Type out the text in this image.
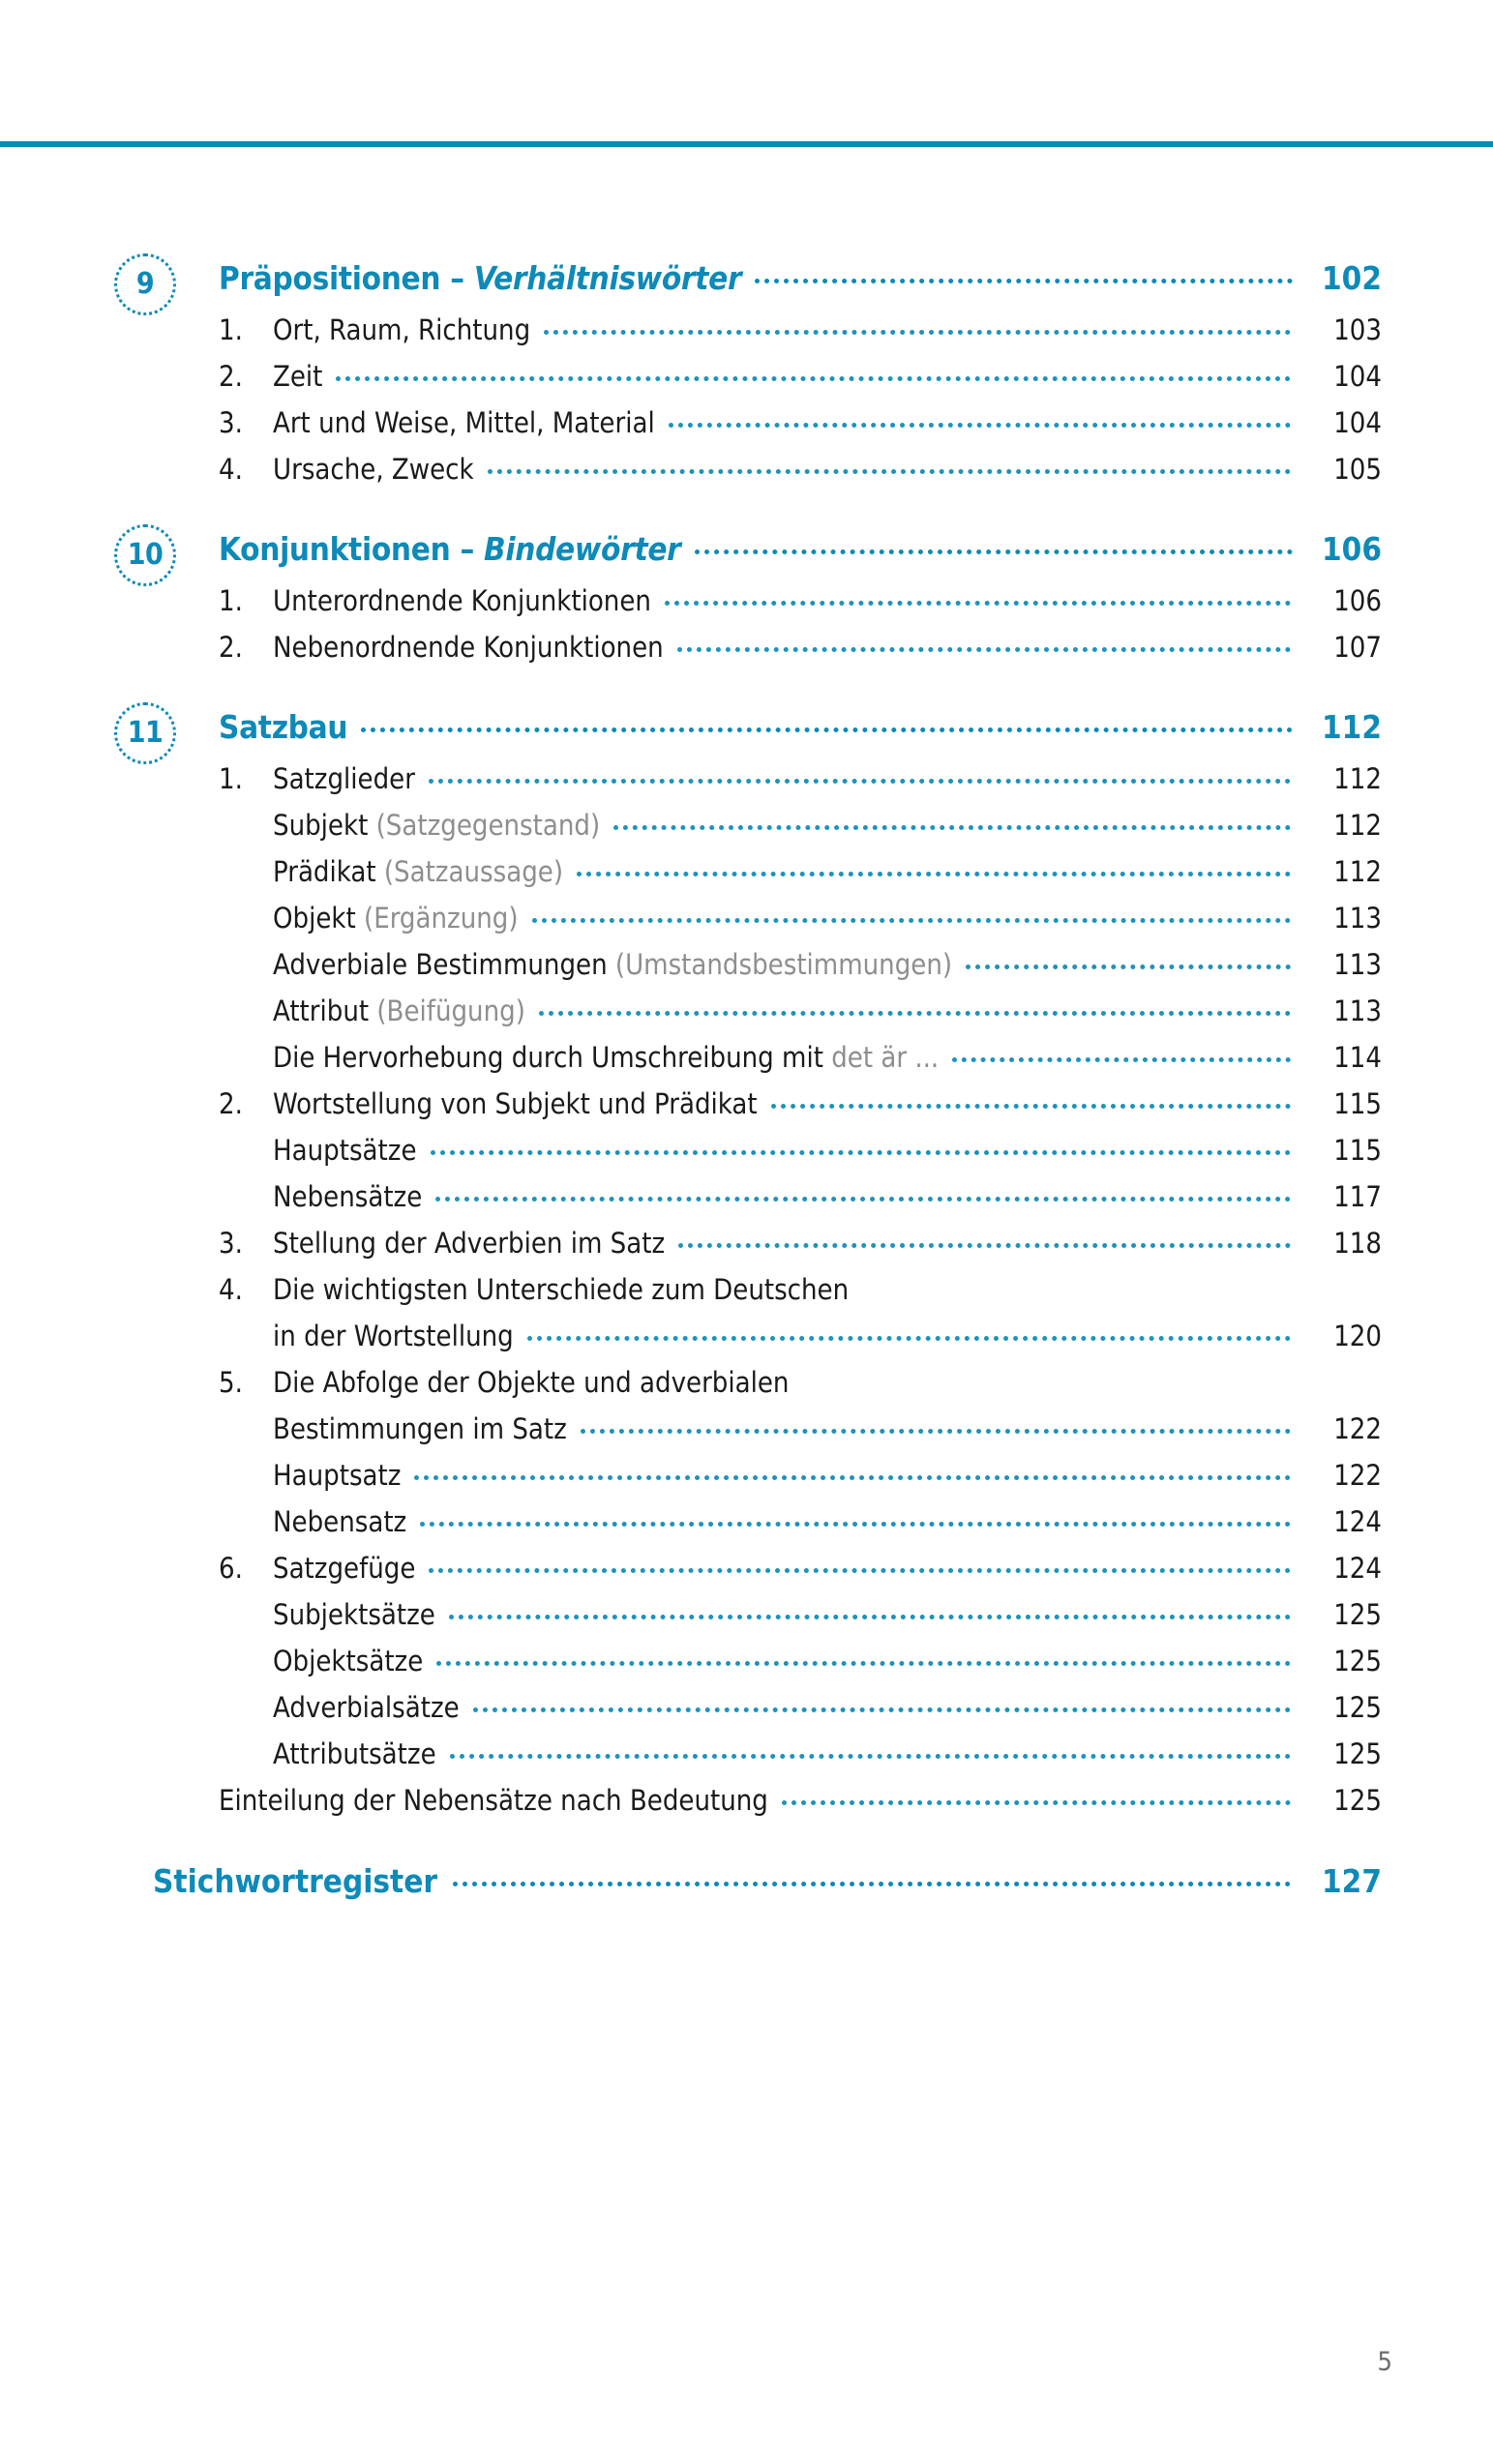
9 Präpositionen – Verhältniswörter	102
1.	Ort, Raum, Richtung	103
2.	Zeit	104
3.	Art und Weise, Mittel, Material	104
4.	Ursache, Zweck	105
10 Konjunktionen – Bindewörter	106
1.	Unterordnende Konjunktionen	106
2.	Nebenordnende Konjunktionen	107
11 Satzbau	112
1.	Satzglieder	112
Subjekt (Satzgegenstand)	112
Prädikat (Satzaussage)	112
Objekt (Ergänzung)	113
Adverbiale Bestimmungen (Umstandsbestimmungen)	113
Attribut (Beifügung)	113
Die Hervorhebung durch Umschreibung mit det är ...	114
2.	Wortstellung von Subjekt und Prädikat	115
Hauptsätze	115
Nebensätze	117
3.	Stellung der Adverbien im Satz	118
4.	Die wichtigsten Unterschiede zum Deutschen
in der Wortstellung	120
5.	Die Abfolge der Objekte und adverbialen
Bestimmungen im Satz	122
Hauptsatz	122
Nebensatz	124
6.	Satzgefüge	124
Subjektsätze	125
Objektsätze	125
Adverbialsätze	125
Attributsätze	125
Einteilung der Nebensätze nach Bedeutung	125
Stichwortregister	127
5
